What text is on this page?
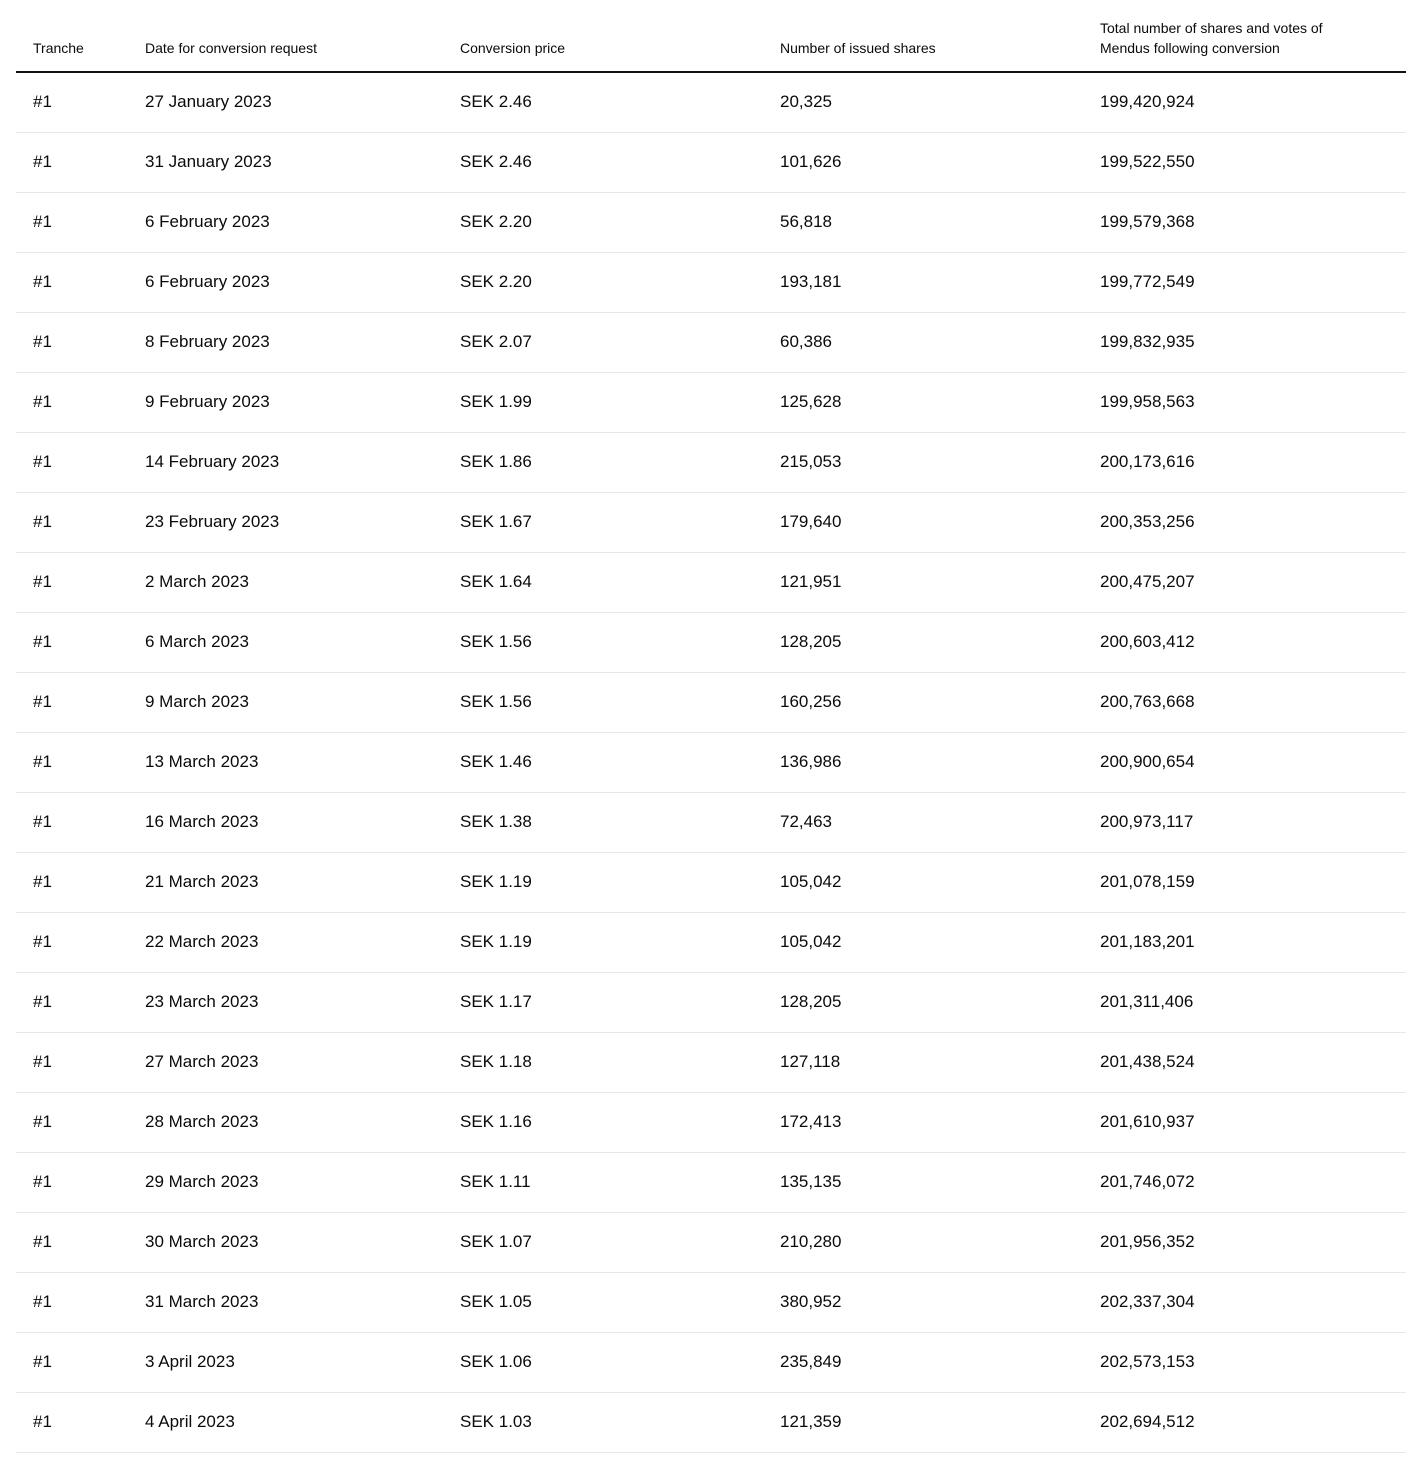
Tranche	Date for conversion request	Conversion price	Number of issued shares	Total number of shares and votes of Mendus following conversion
#1	27 January 2023	SEK 2.46	20,325	199,420,924
#1	31 January 2023	SEK 2.46	101,626	199,522,550
#1	6 February 2023	SEK 2.20	56,818	199,579,368
#1	6 February 2023	SEK 2.20	193,181	199,772,549
#1	8 February 2023	SEK 2.07	60,386	199,832,935
#1	9 February 2023	SEK 1.99	125,628	199,958,563
#1	14 February 2023	SEK 1.86	215,053	200,173,616
#1	23 February 2023	SEK 1.67	179,640	200,353,256
#1	2 March 2023	SEK 1.64	121,951	200,475,207
#1	6 March 2023	SEK 1.56	128,205	200,603,412
#1	9 March 2023	SEK 1.56	160,256	200,763,668
#1	13 March 2023	SEK 1.46	136,986	200,900,654
#1	16 March 2023	SEK 1.38	72,463	200,973,117
#1	21 March 2023	SEK 1.19	105,042	201,078,159
#1	22 March 2023	SEK 1.19	105,042	201,183,201
#1	23 March 2023	SEK 1.17	128,205	201,311,406
#1	27 March 2023	SEK 1.18	127,118	201,438,524
#1	28 March 2023	SEK 1.16	172,413	201,610,937
#1	29 March 2023	SEK 1.11	135,135	201,746,072
#1	30 March 2023	SEK 1.07	210,280	201,956,352
#1	31 March 2023	SEK 1.05	380,952	202,337,304
#1	3 April 2023	SEK 1.06	235,849	202,573,153
#1	4 April 2023	SEK 1.03	121,359	202,694,512
